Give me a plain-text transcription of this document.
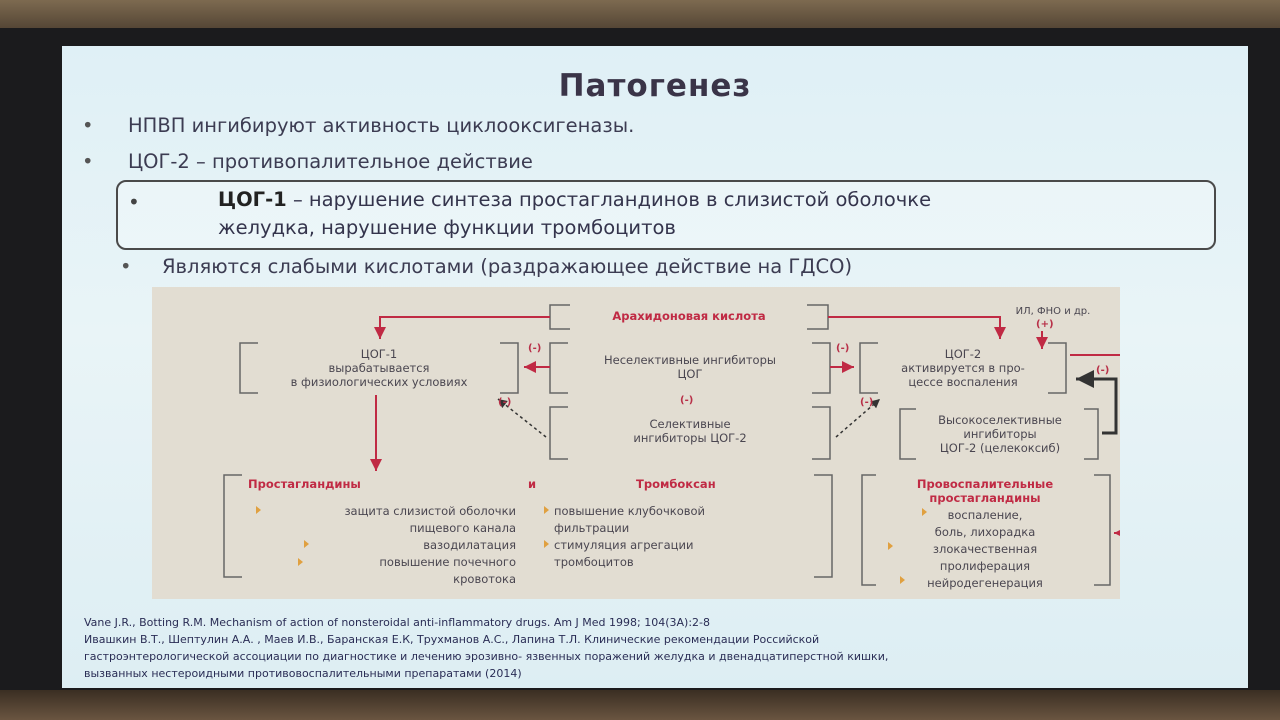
Патогенез
• НПВП ингибируют активность циклооксигеназы.
• ЦОГ-2 – противопалительное действие
•	ЦОГ-1 – нарушение синтеза простагландинов в слизистой оболочке
желудка, нарушение функции тромбоцитов
• Являются слабыми кислотами (раздражающее действие на ГДСО)
Арахидоновая кислота	ИЛ, ФНО и др.
(+)
ЦОГ-1
вырабатывается
в физиологических условиях
(-)
Неселективные ингибиторы
ЦОГ
(-)	ЦОГ-2
активируется в про-
цессе воспаления
(-)
(-)
(-)	(-)
Селективные
ингибиторы ЦОГ-2
Высокоселективные
ингибиторы
ЦОГ-2 (целекоксиб)
Простагландины	и	Тромбоксан
защита слизистой оболочки
пищевого канала
вазодилатация
повышение почечного
кровотока
повышение клубочковой
фильтрации
стимуляция агрегации
тромбоцитов
Провоспалительные
простагландины
воспаление,
боль, лихорадка
злокачественная
пролиферация
нейродегенерация
Vane J.R., Botting R.M. Mechanism of action of nonsteroidal anti-inflammatory drugs. Am J Med 1998; 104(3A):2-8
Ивашкин В.Т., Шептулин А.А. , Маев И.В., Баранская Е.К, Трухманов А.С., Лапина Т.Л. Клинические рекомендации Российской
гастроэнтерологической ассоциации по диагностике и лечению эрозивно- язвенных поражений желудка и двенадцатиперстной кишки,
вызванных нестероидными противовоспалительными препаратами (2014)
